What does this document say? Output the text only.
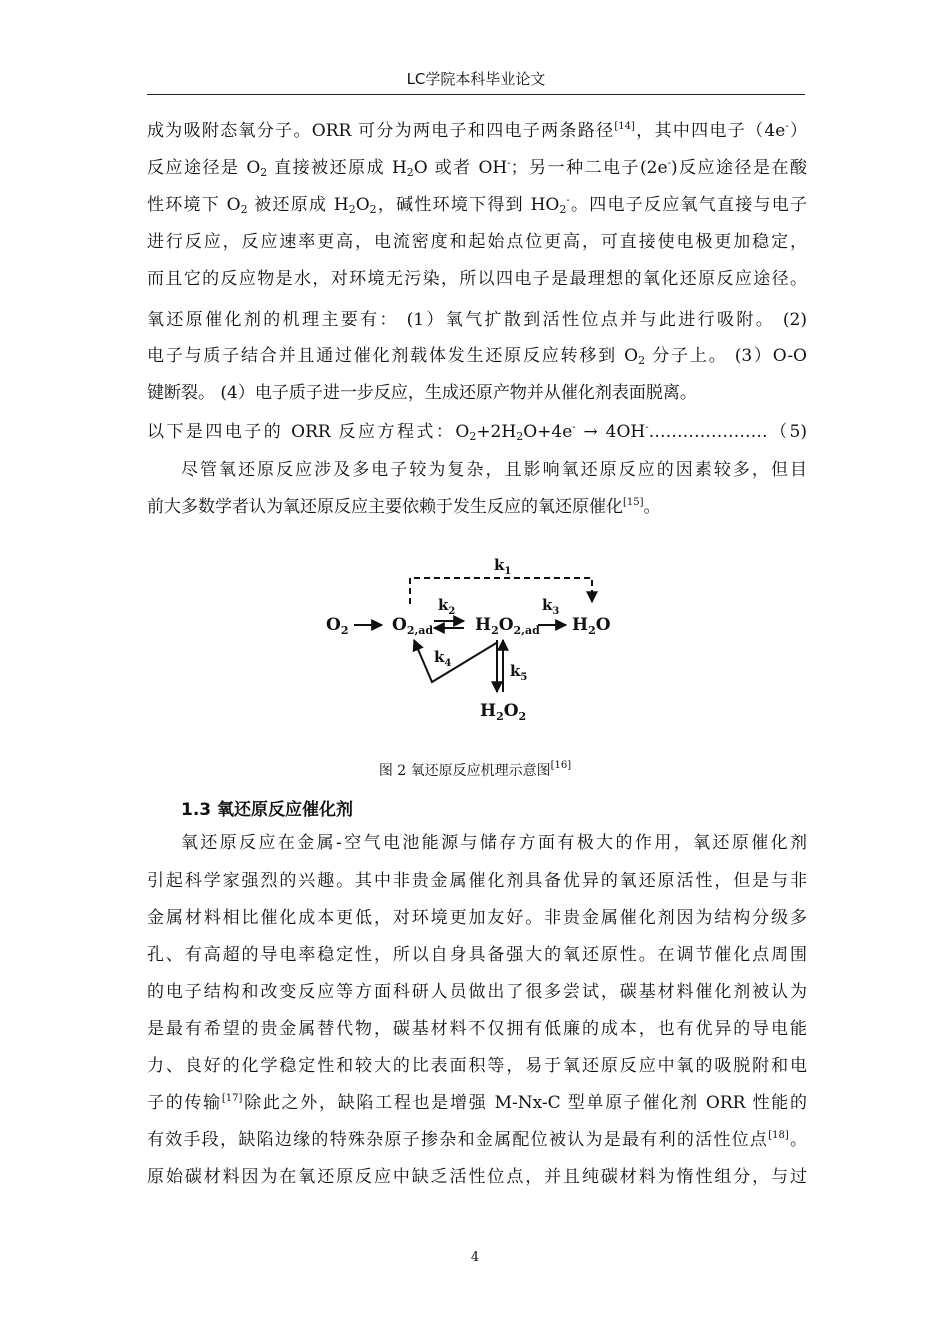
LC学院本科毕业论文
成为吸附态氧分子。ORR 可分为两电子和四电子两条路径[14]，其中四电子（4e-）
反应途径是 $O_2$ 直接被还原成 $H_2O$ 或者 OH-；另一种二电子(2e-)反应途径是在酸
性环境下 $O_2$ 被还原成 $H_2O_2$，碱性环境下得到 $HO_2^-$。四电子反应氧气直接与电子
进行反应，反应速率更高，电流密度和起始点位更高，可直接使电极更加稳定，
而且它的反应物是水，对环境无污染，所以四电子是最理想的氧化还原反应途径。
氧还原催化剂的机理主要有： (1）氧气扩散到活性位点并与此进行吸附。 (2)
电子与质子结合并且通过催化剂载体发生还原反应转移到 $O_2$ 分子上。 (3）O-O
键断裂。 (4）电子质子进一步反应，生成还原产物并从催化剂表面脱离。
以下是四电子的 ORR 反应方程式：$O_2+2H_2O+4e^-$ → 4OH-…………………（5)
尽管氧还原反应涉及多电子较为复杂，且影响氧还原反应的因素较多，但目
前大多数学者认为氧还原反应主要依赖于发生反应的氧还原催化[15]。
$k_1$
$O_2$	$O_{2,ad}$
$k_2$
$H_2O_{2,ad}$
$k_3$
$H_2O$
$k_4$	$k_5$
$H_2O_2$
图 2 氧还原反应机理示意图[16]
1.3 氧还原反应催化剂
氧还原反应在金属-空气电池能源与储存方面有极大的作用，氧还原催化剂
引起科学家强烈的兴趣。其中非贵金属催化剂具备优异的氧还原活性，但是与非
金属材料相比催化成本更低，对环境更加友好。非贵金属催化剂因为结构分级多
孔、有高超的导电率稳定性，所以自身具备强大的氧还原性。在调节催化点周围
的电子结构和改变反应等方面科研人员做出了很多尝试，碳基材料催化剂被认为
是最有希望的贵金属替代物，碳基材料不仅拥有低廉的成本，也有优异的导电能
力、良好的化学稳定性和较大的比表面积等，易于氧还原反应中氧的吸脱附和电
子的传输[17]除此之外，缺陷工程也是增强 M-Nx-C 型单原子催化剂 ORR 性能的
有效手段，缺陷边缘的特殊杂原子掺杂和金属配位被认为是最有利的活性位点[18]。
原始碳材料因为在氧还原反应中缺乏活性位点，并且纯碳材料为惰性组分，与过
4
